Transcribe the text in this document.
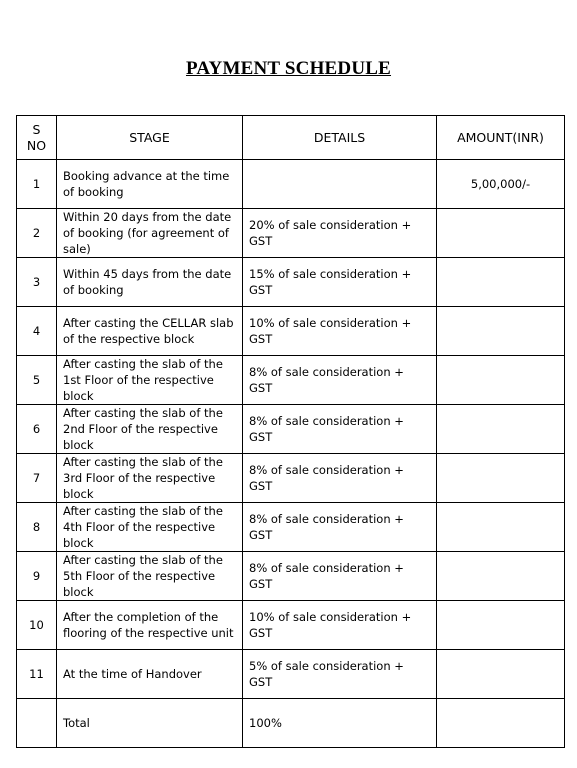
PAYMENT SCHEDULE
S
NO	STAGE	DETAILS	AMOUNT(INR)
1	Booking advance at the time of booking		5,00,000/-
2	Within 20 days from the date of booking (for agreement of sale)	20% of sale consideration + GST	
3	Within 45 days from the date of booking	15% of sale consideration + GST	
4	After casting the CELLAR slab of the respective block	10% of sale consideration + GST	
5	After casting the slab of the 1st Floor of the respective block	8% of sale consideration + GST	
6	After casting the slab of the 2nd Floor of the respective block	8% of sale consideration + GST	
7	After casting the slab of the 3rd Floor of the respective block	8% of sale consideration + GST	
8	After casting the slab of the 4th Floor of the respective block	8% of sale consideration + GST	
9	After casting the slab of the 5th Floor of the respective block	8% of sale consideration + GST	
10	After the completion of the flooring of the respective unit	10% of sale consideration + GST	
11	At the time of Handover	5% of sale consideration + GST	
	Total	100%	
